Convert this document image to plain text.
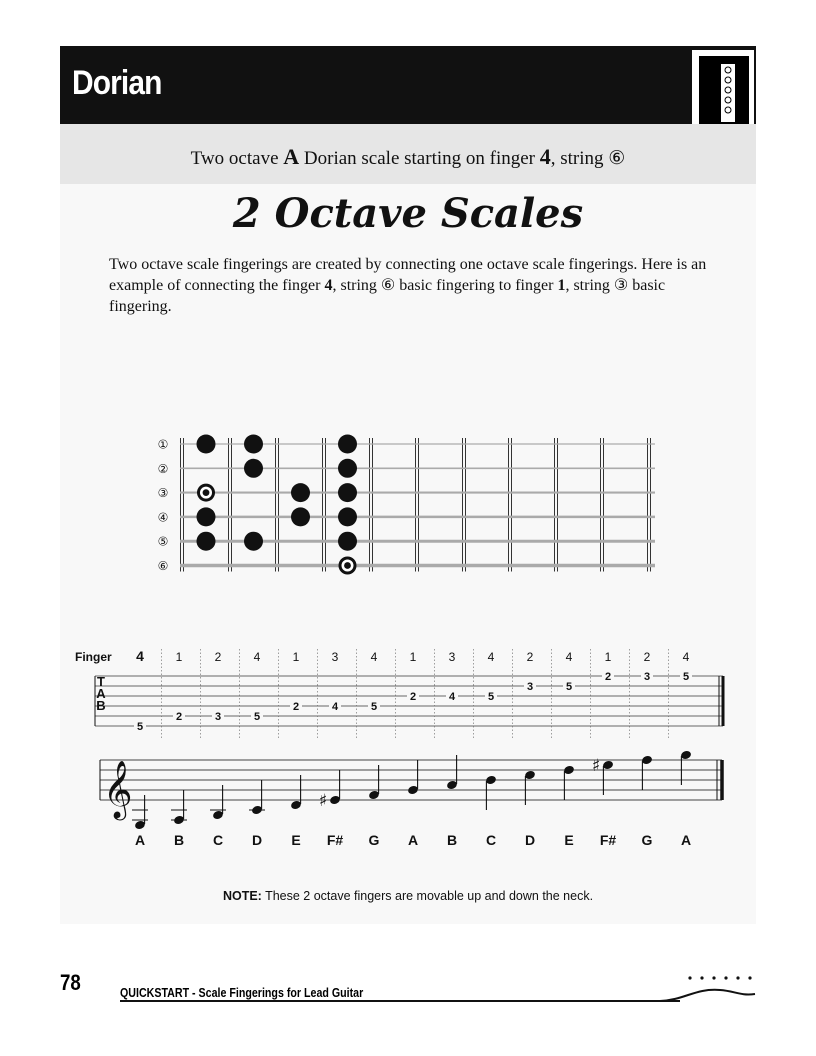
Dorian
Two octave A Dorian scale starting on finger 4, string ⑥
2 Octave Scales
Two octave scale fingerings are created by connecting one octave scale fingerings. Here is an example of connecting the finger 4, string ⑥ basic fingering to finger 1, string ③ basic fingering.
①
②
③
④
⑤
⑥
Finger
T
A
B
4
5
1
2
2
3
4
5
1
2
3
4
4
5
1
2
3
4
4
5
2
3
4
5
1
2
2
3
4
5
𝄞
A B C D E
♯
F# G A B C D E
♯
F# G A
NOTE: These 2 octave fingers are movable up and down the neck.
78	QUICKSTART - Scale Fingerings for Lead Guitar
